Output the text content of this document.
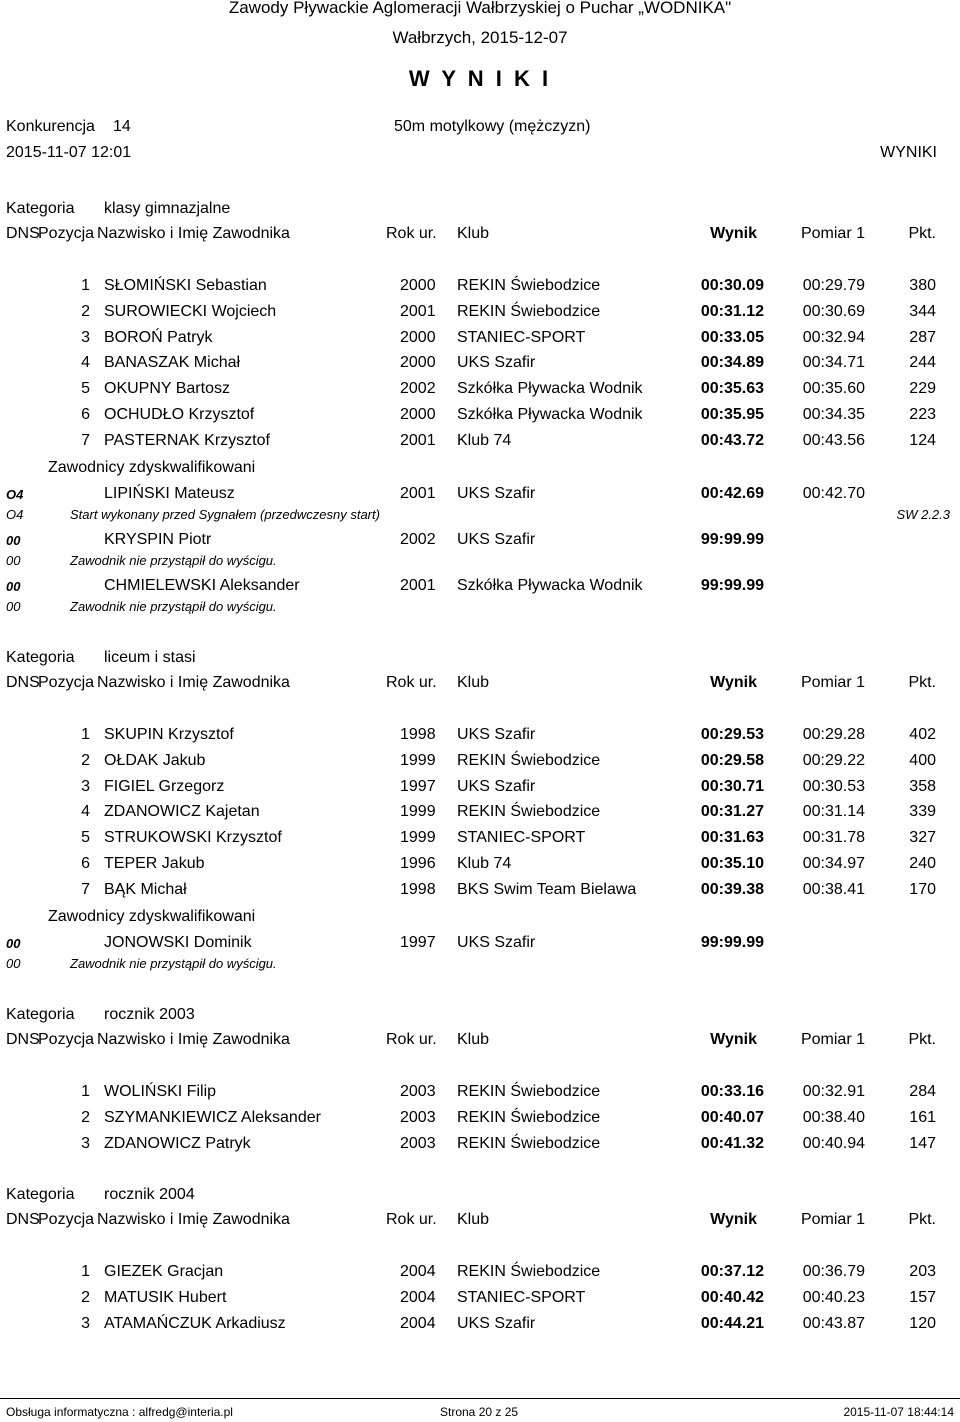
Zawody Pływackie Aglomeracji Wałbrzyskiej o Puchar „WODNIKA"
Wałbrzych, 2015-12-07
W Y N I K I
Konkurencja 14	50m motylkowy (mężczyzn)
2015-11-07 12:01	WYNIKI
Kategoria klasy gimnazjalne
DNS
Pozycja Nazwisko i Imię Zawodnika	Rok ur. Klub	Wynik	Pomiar 1	Pkt.
1 SŁOMIŃSKI Sebastian	2000 REKIN Świebodzice	00:30.09 00:29.79	380
2 SUROWIECKI Wojciech	2001 REKIN Świebodzice	00:31.12 00:30.69	344
3 BOROŃ Patryk	2000 STANIEC-SPORT	00:33.05 00:32.94	287
4 BANASZAK Michał	2000 UKS Szafir	00:34.89 00:34.71	244
5 OKUPNY Bartosz	2002 Szkółka Pływacka Wodnik	00:35.63 00:35.60	229
6 OCHUDŁO Krzysztof	2000 Szkółka Pływacka Wodnik	00:35.95 00:34.35	223
7 PASTERNAK Krzysztof	2001 Klub 74	00:43.72 00:43.56	124
Zawodnicy zdyskwalifikowani
O4	LIPIŃSKI Mateusz	2001 UKS Szafir	00:42.69 00:42.70
O4	Start wykonany przed Sygnałem (przedwczesny start)	SW 2.2.3
00	KRYSPIN Piotr	2002 UKS Szafir	99:99.99
00	Zawodnik nie przystąpił do wyścigu.
00	CHMIELEWSKI Aleksander	2001 Szkółka Pływacka Wodnik	99:99.99
00	Zawodnik nie przystąpił do wyścigu.
Kategoria liceum i stasi
DNS
Pozycja Nazwisko i Imię Zawodnika	Rok ur. Klub	Wynik	Pomiar 1	Pkt.
1 SKUPIN Krzysztof	1998 UKS Szafir	00:29.53 00:29.28	402
2 OŁDAK Jakub	1999 REKIN Świebodzice	00:29.58 00:29.22	400
3 FIGIEL Grzegorz	1997 UKS Szafir	00:30.71 00:30.53	358
4 ZDANOWICZ Kajetan	1999 REKIN Świebodzice	00:31.27 00:31.14	339
5 STRUKOWSKI Krzysztof	1999 STANIEC-SPORT	00:31.63 00:31.78	327
6 TEPER Jakub	1996 Klub 74	00:35.10 00:34.97	240
7 BĄK Michał	1998 BKS Swim Team Bielawa	00:39.38 00:38.41	170
Zawodnicy zdyskwalifikowani
00	JONOWSKI Dominik	1997 UKS Szafir	99:99.99
00	Zawodnik nie przystąpił do wyścigu.
Kategoria rocznik 2003
DNS
Pozycja Nazwisko i Imię Zawodnika	Rok ur. Klub	Wynik	Pomiar 1	Pkt.
1 WOLIŃSKI Filip	2003 REKIN Świebodzice	00:33.16 00:32.91	284
2 SZYMANKIEWICZ Aleksander	2003 REKIN Świebodzice	00:40.07 00:38.40	161
3 ZDANOWICZ Patryk	2003 REKIN Świebodzice	00:41.32 00:40.94	147
Kategoria rocznik 2004
DNS
Pozycja Nazwisko i Imię Zawodnika	Rok ur. Klub	Wynik	Pomiar 1	Pkt.
1 GIEZEK Gracjan	2004 REKIN Świebodzice	00:37.12 00:36.79	203
2 MATUSIK Hubert	2004 STANIEC-SPORT	00:40.42 00:40.23	157
3 ATAMAŃCZUK Arkadiusz	2004 UKS Szafir	00:44.21 00:43.87	120
Obsługa informatyczna : alfredg@interia.pl	Strona 20 z 25	2015-11-07 18:44:14
